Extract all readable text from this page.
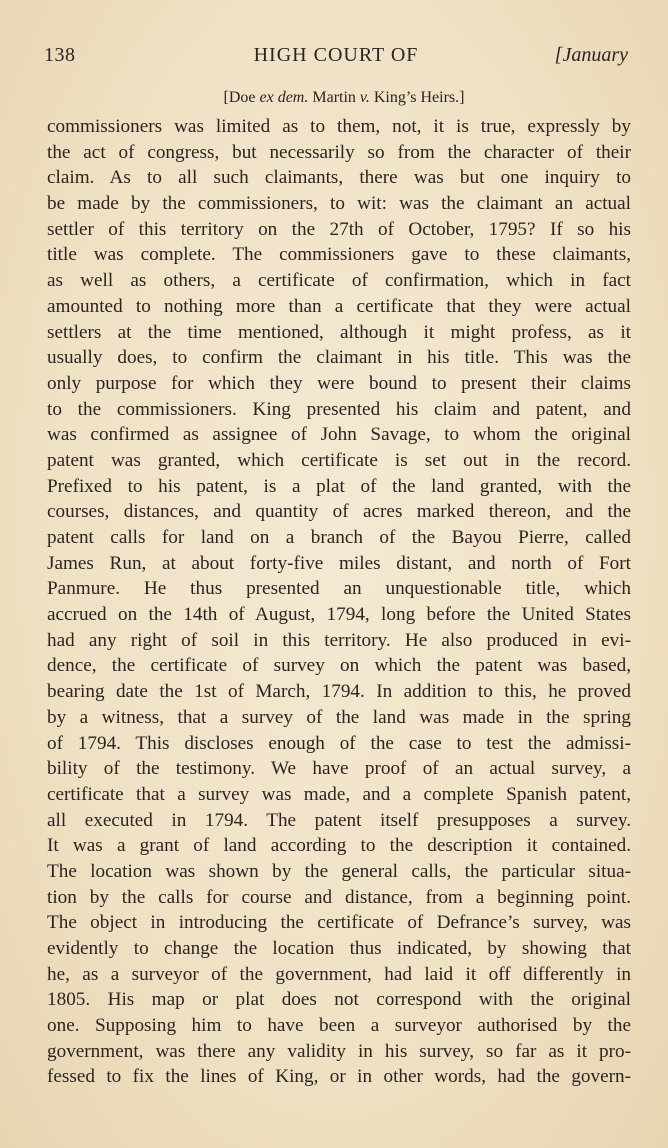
138	HIGH COURT OF	[January
[Doe ex dem. Martin v. King’s Heirs.]
commissioners was limited as to them, not, it is true, expressly by
the act of congress, but necessarily so from the character of their
claim. As to all such claimants, there was but one inquiry to
be made by the commissioners, to wit: was the claimant an actual
settler of this territory on the 27th of October, 1795? If so his
title was complete. The commissioners gave to these claimants,
as well as others, a certificate of confirmation, which in fact
amounted to nothing more than a certificate that they were actual
settlers at the time mentioned, although it might profess, as it
usually does, to confirm the claimant in his title. This was the
only purpose for which they were bound to present their claims
to the commissioners. King presented his claim and patent, and
was confirmed as assignee of John Savage, to whom the original
patent was granted, which certificate is set out in the record.
Prefixed to his patent, is a plat of the land granted, with the
courses, distances, and quantity of acres marked thereon, and the
patent calls for land on a branch of the Bayou Pierre, called
James Run, at about forty-five miles distant, and north of Fort
Panmure. He thus presented an unquestionable title, which
accrued on the 14th of August, 1794, long before the United States
had any right of soil in this territory. He also produced in evi-
dence, the certificate of survey on which the patent was based,
bearing date the 1st of March, 1794. In addition to this, he proved
by a witness, that a survey of the land was made in the spring
of 1794. This discloses enough of the case to test the admissi-
bility of the testimony. We have proof of an actual survey, a
certificate that a survey was made, and a complete Spanish patent,
all executed in 1794. The patent itself presupposes a survey.
It was a grant of land according to the description it contained.
The location was shown by the general calls, the particular situa-
tion by the calls for course and distance, from a beginning point.
The object in introducing the certificate of Defrance’s survey, was
evidently to change the location thus indicated, by showing that
he, as a surveyor of the government, had laid it off differently in
1805. His map or plat does not correspond with the original
one. Supposing him to have been a surveyor authorised by the
government, was there any validity in his survey, so far as it pro-
fessed to fix the lines of King, or in other words, had the govern-
